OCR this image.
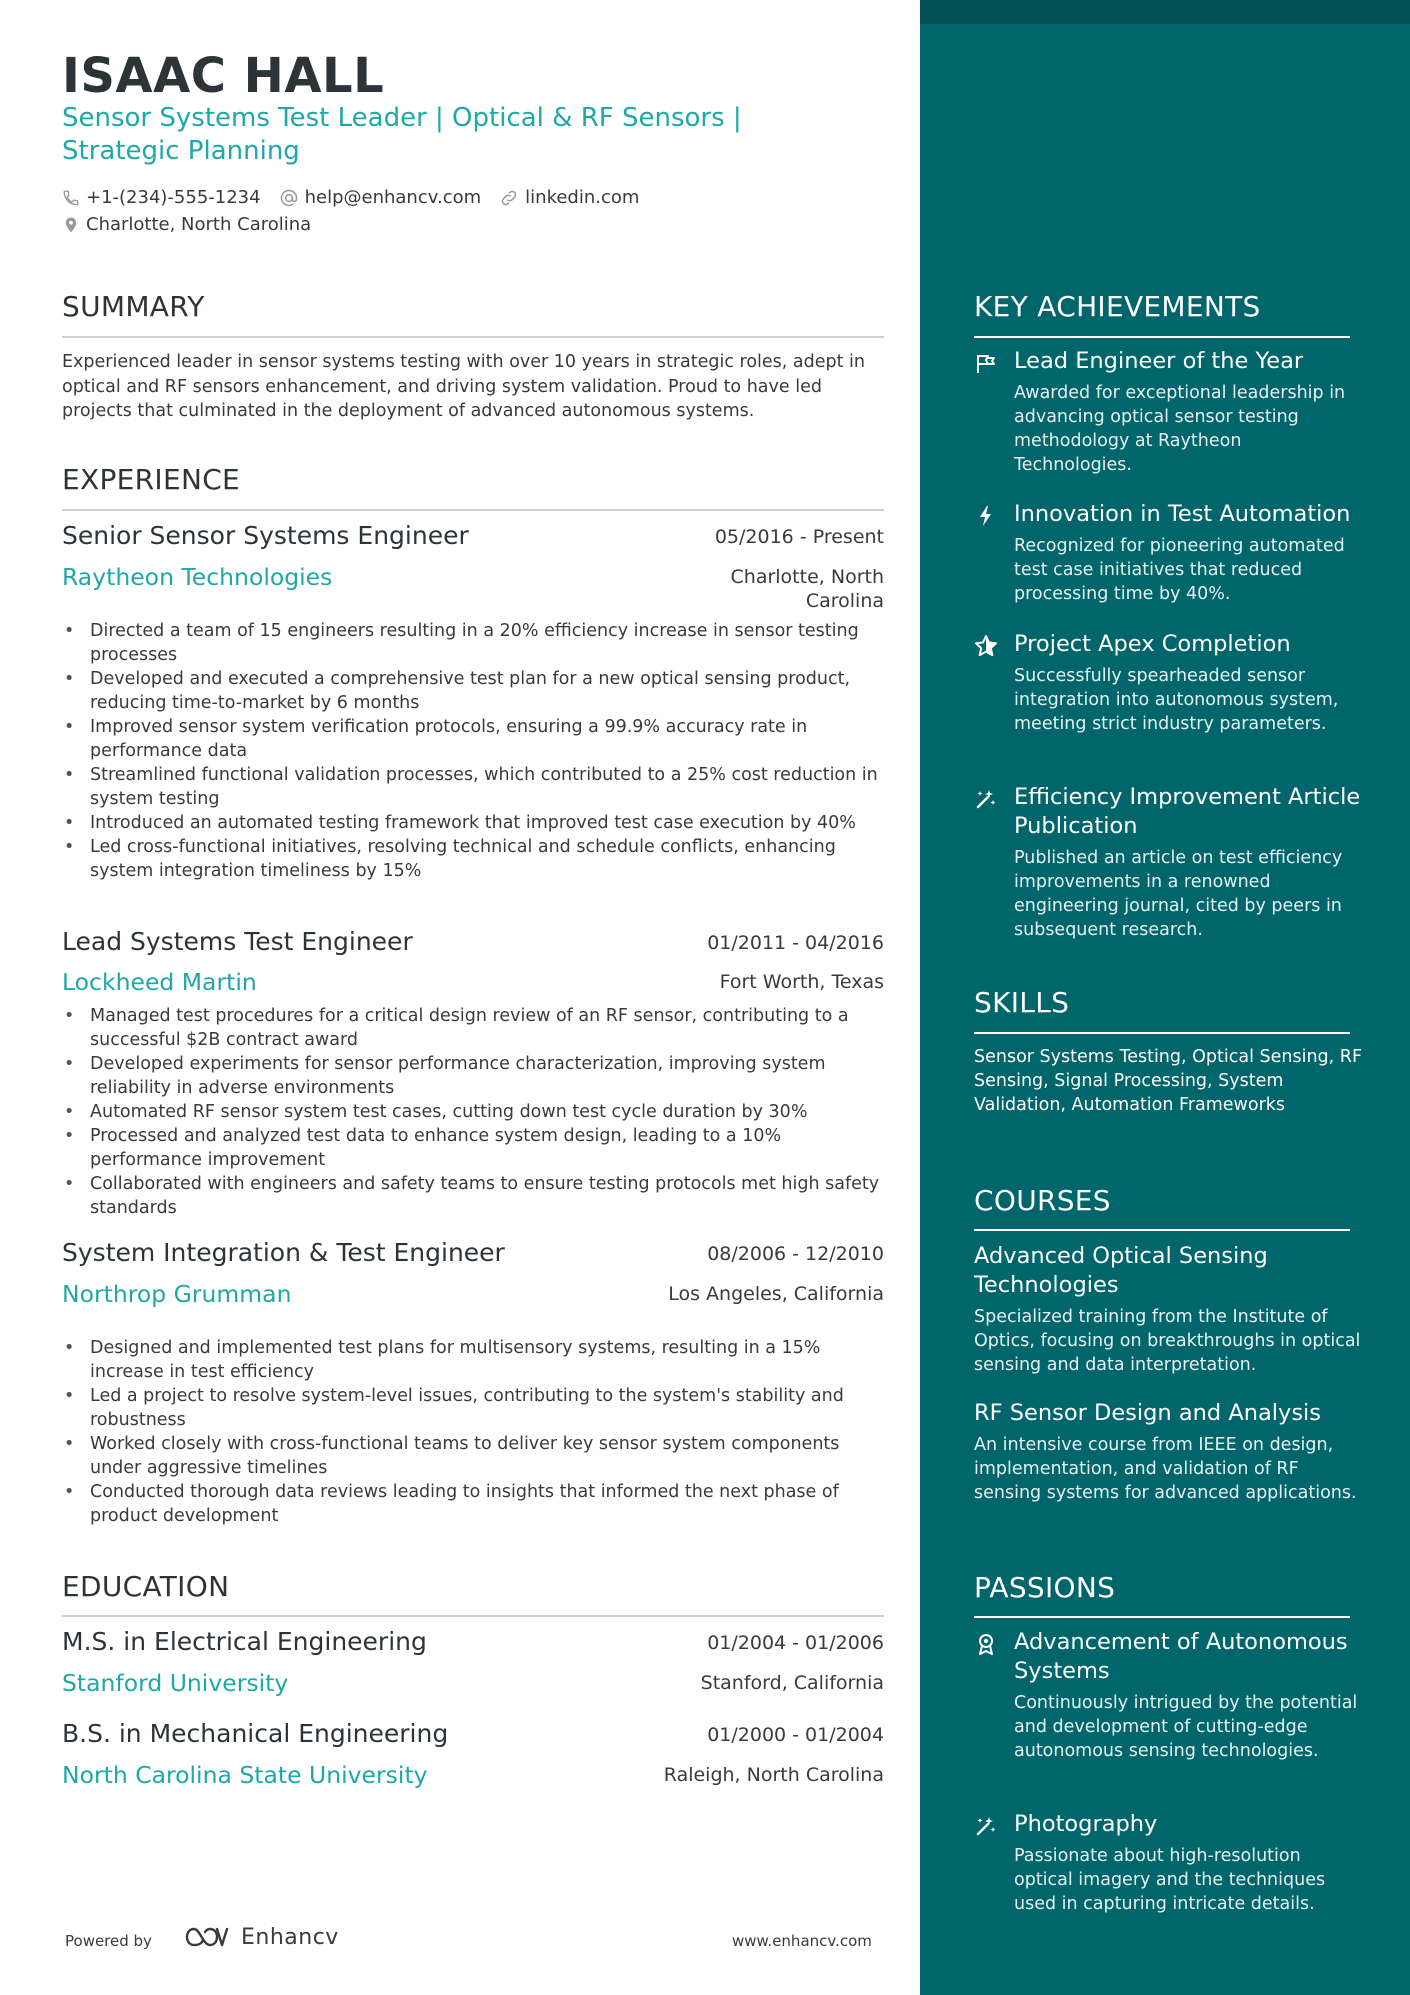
ISAAC HALL
Sensor Systems Test Leader | Optical & RF Sensors | Strategic Planning
+1-(234)-555-1234 help@enhancv.com linkedin.com
Charlotte, North Carolina
SUMMARY
Experienced leader in sensor systems testing with over 10 years in strategic roles, adept in optical and RF sensors enhancement, and driving system validation. Proud to have led projects that culminated in the deployment of advanced autonomous systems.
EXPERIENCE
Senior Sensor Systems Engineer	05/2016 - Present
Raytheon Technologies	Charlotte, North Carolina
• Directed a team of 15 engineers resulting in a 20% efficiency increase in sensor testing processes
• Developed and executed a comprehensive test plan for a new optical sensing product, reducing time-to-market by 6 months
• Improved sensor system verification protocols, ensuring a 99.9% accuracy rate in performance data
• Streamlined functional validation processes, which contributed to a 25% cost reduction in system testing
• Introduced an automated testing framework that improved test case execution by 40%
• Led cross-functional initiatives, resolving technical and schedule conflicts, enhancing system integration timeliness by 15%
Lead Systems Test Engineer	01/2011 - 04/2016
Lockheed Martin	Fort Worth, Texas
• Managed test procedures for a critical design review of an RF sensor, contributing to a successful $2B contract award
• Developed experiments for sensor performance characterization, improving system reliability in adverse environments
• Automated RF sensor system test cases, cutting down test cycle duration by 30%
• Processed and analyzed test data to enhance system design, leading to a 10% performance improvement
• Collaborated with engineers and safety teams to ensure testing protocols met high safety standards
System Integration & Test Engineer	08/2006 - 12/2010
Northrop Grumman	Los Angeles, California
• Designed and implemented test plans for multisensory systems, resulting in a 15% increase in test efficiency
• Led a project to resolve system-level issues, contributing to the system's stability and robustness
• Worked closely with cross-functional teams to deliver key sensor system components under aggressive timelines
• Conducted thorough data reviews leading to insights that informed the next phase of product development
EDUCATION
M.S. in Electrical Engineering	01/2004 - 01/2006
Stanford University	Stanford, California
B.S. in Mechanical Engineering	01/2000 - 01/2004
North Carolina State University	Raleigh, North Carolina
Powered by	Enhancv	www.enhancv.com
KEY ACHIEVEMENTS
Lead Engineer of the Year
Awarded for exceptional leadership in advancing optical sensor testing methodology at Raytheon Technologies.
Innovation in Test Automation
Recognized for pioneering automated test case initiatives that reduced processing time by 40%.
Project Apex Completion
Successfully spearheaded sensor integration into autonomous system, meeting strict industry parameters.
Efficiency Improvement Article Publication
Published an article on test efficiency improvements in a renowned engineering journal, cited by peers in subsequent research.
SKILLS
Sensor Systems Testing, Optical Sensing, RF Sensing, Signal Processing, System Validation, Automation Frameworks
COURSES
Advanced Optical Sensing Technologies
Specialized training from the Institute of Optics, focusing on breakthroughs in optical sensing and data interpretation.
RF Sensor Design and Analysis
An intensive course from IEEE on design, implementation, and validation of RF sensing systems for advanced applications.
PASSIONS
Advancement of Autonomous Systems
Continuously intrigued by the potential and development of cutting-edge autonomous sensing technologies.
Photography
Passionate about high-resolution optical imagery and the techniques used in capturing intricate details.
